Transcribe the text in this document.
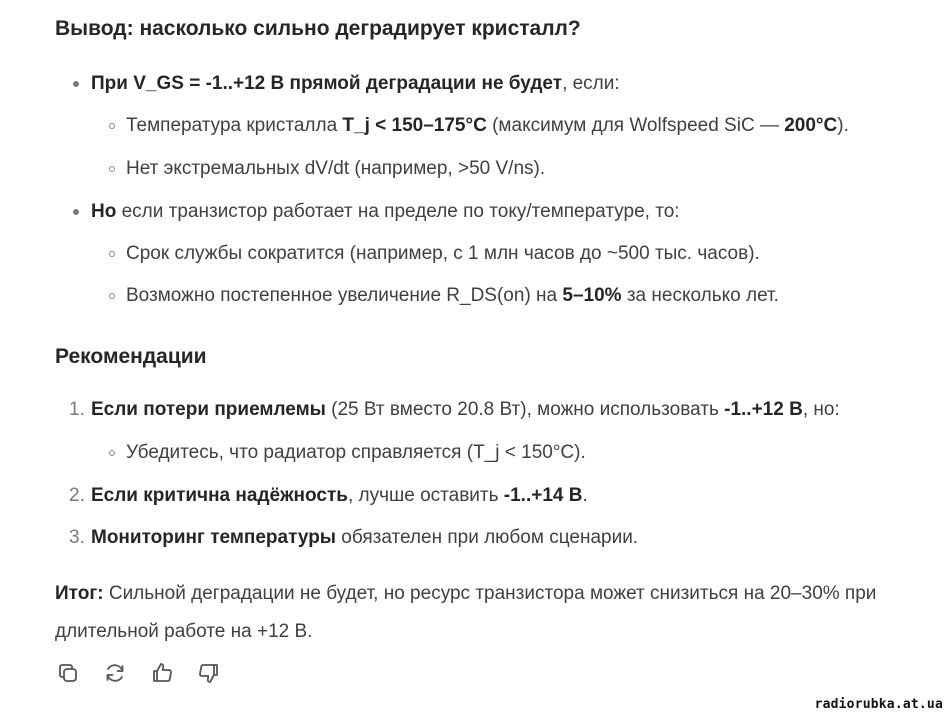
Вывод: насколько сильно деградирует кристалл?
При V_GS = -1..+12 В прямой деградации не будет, если:
Температура кристалла T_j < 150–175°C (максимум для Wolfspeed SiC — 200°C).
Нет экстремальных dV/dt (например, >50 V/ns).
Но если транзистор работает на пределе по току/температуре, то:
Срок службы сократится (например, с 1 млн часов до ~500 тыс. часов).
Возможно постепенное увеличение R_DS(on) на 5–10% за несколько лет.
Рекомендации
1. Если потери приемлемы (25 Вт вместо 20.8 Вт), можно использовать -1..+12 В, но:
Убедитесь, что радиатор справляется (T_j < 150°C).
2. Если критична надёжность, лучше оставить -1..+14 В.
3. Мониторинг температуры обязателен при любом сценарии.
Итог: Сильной деградации не будет, но ресурс транзистора может снизиться на 20–30% при
длительной работе на +12 В.
radiorubka.at.ua
